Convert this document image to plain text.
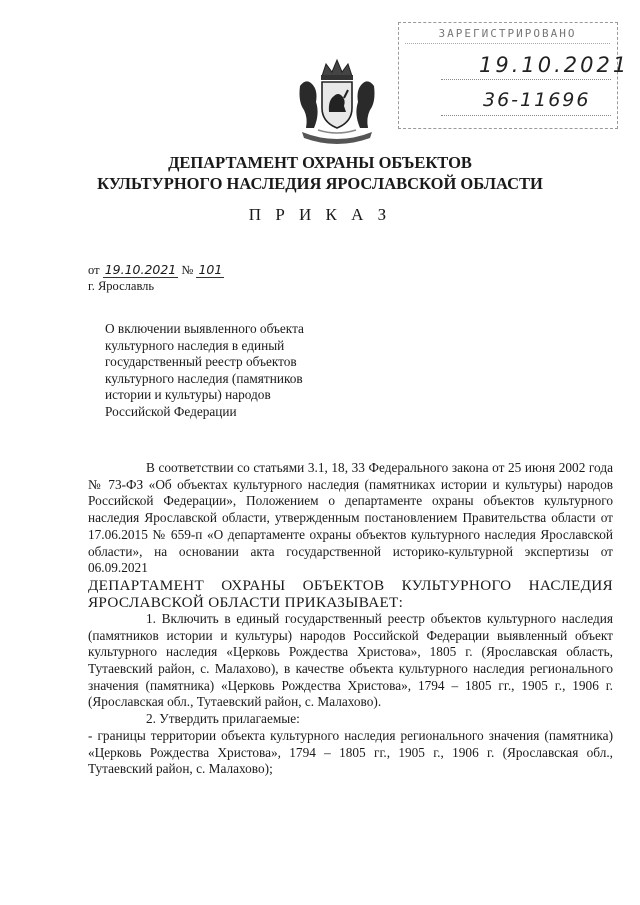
ЗАРЕГИСТРИРОВАНО
19.10.2021
36-11696
ДЕПАРТАМЕНТ ОХРАНЫ ОБЪЕКТОВ
КУЛЬТУРНОГО НАСЛЕДИЯ ЯРОСЛАВСКОЙ ОБЛАСТИ
П Р И К А З
от 19.10.2021 № 101
г. Ярославль
О включении выявленного объекта
культурного наследия в единый
государственный реестр объектов
культурного наследия (памятников
истории и культуры) народов
Российской Федерации

В соответствии со статьями 3.1, 18, 33 Федерального закона от 25 июня 2002 года № 73-ФЗ «Об объектах культурного наследия (памятниках истории и культуры) народов Российской Федерации», Положением о департаменте охраны объектов культурного наследия Ярославской области, утвержденным постановлением Правительства области от 17.06.2015 № 659-п «О департаменте охраны объектов культурного наследия Ярославской области», на основании акта государственной историко-культурной экспертизы от 06.09.2021

ДЕПАРТАМЕНТ ОХРАНЫ ОБЪЕКТОВ КУЛЬТУРНОГО НАСЛЕДИЯ ЯРОСЛАВСКОЙ ОБЛАСТИ ПРИКАЗЫВАЕТ:

1. Включить в единый государственный реестр объектов культурного наследия (памятников истории и культуры) народов Российской Федерации выявленный объект культурного наследия «Церковь Рождества Христова», 1805 г. (Ярославская область, Тутаевский район, с. Малахово), в качестве объекта культурного наследия регионального значения (памятника) «Церковь Рождества Христова», 1794 – 1805 гг., 1905 г., 1906 г. (Ярославская обл., Тутаевский район, с. Малахово).

2. Утвердить прилагаемые:

- границы территории объекта культурного наследия регионального значения (памятника) «Церковь Рождества Христова», 1794 – 1805 гг., 1905 г., 1906 г. (Ярославская обл., Тутаевский район, с. Малахово);
